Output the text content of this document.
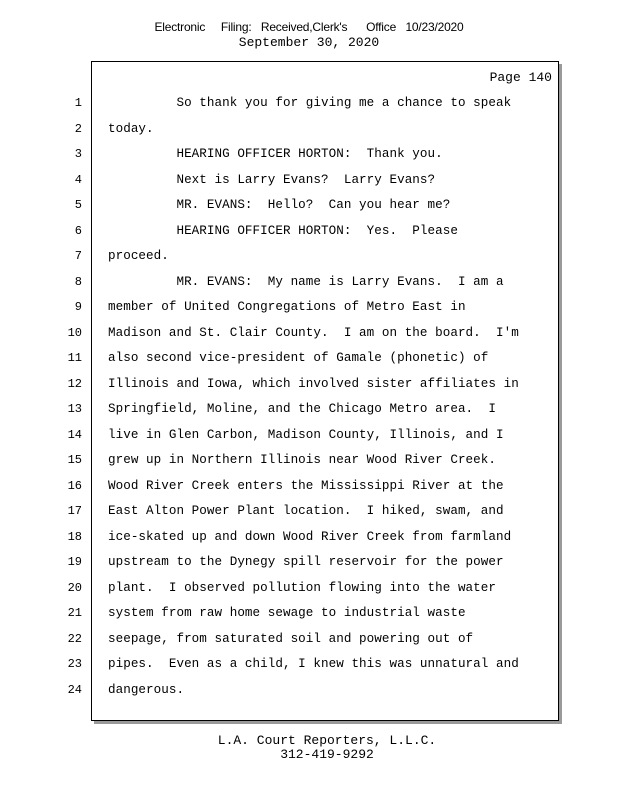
Electronic     Filing:   Received,Clerk's      Office   10/23/2020
September 30, 2020
Page 140
1 So thank you for giving me a chance to speak
2 today.
3 HEARING OFFICER HORTON:  Thank you.
4 Next is Larry Evans?  Larry Evans?
5 MR. EVANS:  Hello?  Can you hear me?
6 HEARING OFFICER HORTON:  Yes.  Please
7 proceed.
8 MR. EVANS:  My name is Larry Evans.  I am a
9 member of United Congregations of Metro East in
10 Madison and St. Clair County.  I am on the board.  I'm
11 also second vice-president of Gamale (phonetic) of
12 Illinois and Iowa, which involved sister affiliates in
13 Springfield, Moline, and the Chicago Metro area.  I
14 live in Glen Carbon, Madison County, Illinois, and I
15 grew up in Northern Illinois near Wood River Creek.
16 Wood River Creek enters the Mississippi River at the
17 East Alton Power Plant location.  I hiked, swam, and
18 ice-skated up and down Wood River Creek from farmland
19 upstream to the Dynegy spill reservoir for the power
20 plant.  I observed pollution flowing into the water
21 system from raw home sewage to industrial waste
22 seepage, from saturated soil and powering out of
23 pipes.  Even as a child, I knew this was unnatural and
24 dangerous.
L.A. Court Reporters, L.L.C.
312-419-9292
